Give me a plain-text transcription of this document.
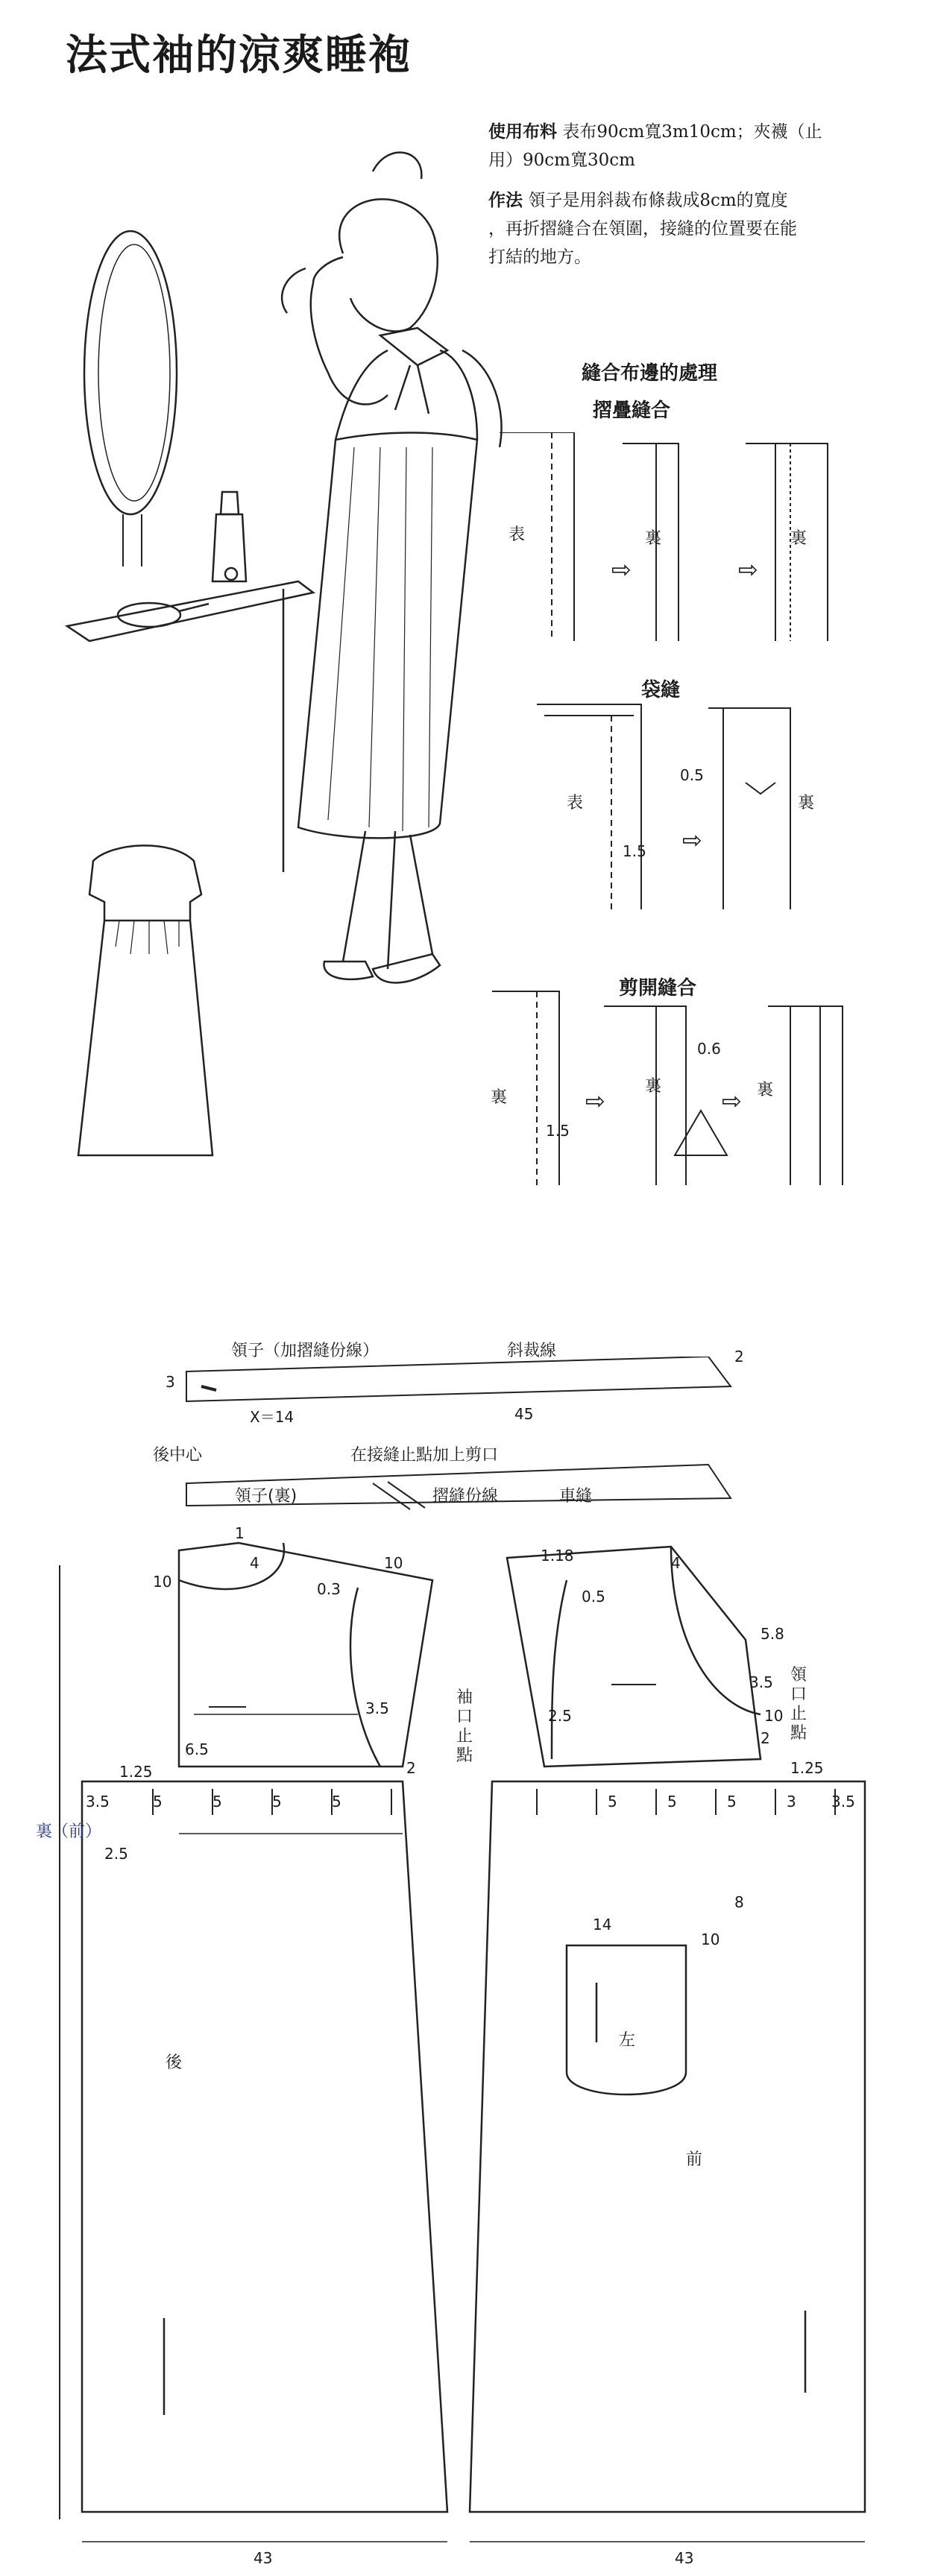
法式袖的涼爽睡袍
使用布料 表布90cm寬3m10cm；夾襪（止
用）90cm寬30cm
作法 領子是用斜裁布條裁成8cm的寬度
，再折摺縫合在領圍，接縫的位置要在能
打結的地方。
縫合布邊的處理
摺疊縫合
袋縫
剪開縫合
表	裏	裏
⇨	⇨
表
0.5
1.5
裏
⇨
裏
1.5
裏
0.6
裏
⇨	⇨
領子（加摺縫份線）	斜裁線
3
2
X＝14	45
後中心	在接縫止點加上剪口
領子(裏)	摺縫份線	車縫
裏（前）
後
前
左
袖口止點
領口止點
1
10
4
0.3
10
3.5
1.25
6.5
3.5
2.5
2
1.18
0.5
4
5.8
3.5
10
2.5
2
1.25
3.5
14
8
10
43	43
5	5	5	5	5	5	5	3
